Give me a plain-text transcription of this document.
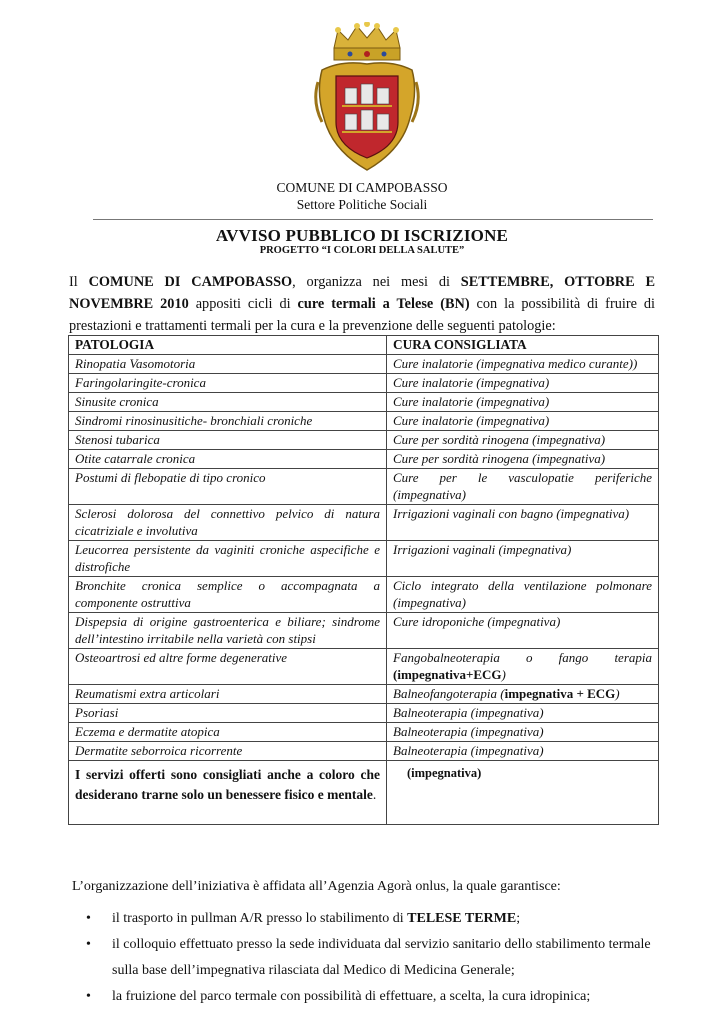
COMUNE DI CAMPOBASSO
Settore Politiche Sociali
AVVISO PUBBLICO DI ISCRIZIONE
PROGETTO “I COLORI DELLA SALUTE”
Il COMUNE DI CAMPOBASSO, organizza nei mesi di SETTEMBRE, OTTOBRE E NOVEMBRE 2010 appositi cicli di cure termali a Telese (BN) con la possibilità di fruire di prestazioni e trattamenti termali per la cura e la prevenzione delle seguenti patologie:
PATOLOGIA	CURA CONSIGLIATA
Rinopatia Vasomotoria	Cure inalatorie (impegnativa medico curante))
Faringolaringite-cronica	Cure inalatorie (impegnativa)
Sinusite cronica	Cure inalatorie (impegnativa)
Sindromi rinosinusitiche- bronchiali croniche	Cure inalatorie (impegnativa)
Stenosi tubarica	Cure per sordità rinogena (impegnativa)
Otite catarrale cronica	Cure per sordità rinogena (impegnativa)
Postumi di flebopatie di tipo cronico	Cure per le vasculopatie periferiche (impegnativa)
Sclerosi dolorosa del connettivo pelvico di natura cicatriziale e involutiva	Irrigazioni vaginali con bagno (impegnativa)
Leucorrea persistente da vaginiti croniche aspecifiche e distrofiche	Irrigazioni vaginali (impegnativa)
Bronchite cronica semplice o accompagnata a componente ostruttiva	Ciclo integrato della ventilazione polmonare (impegnativa)
Dispepsia di origine gastroenterica e biliare; sindrome dell’intestino irritabile nella varietà con stipsi	Cure idroponiche (impegnativa)
Osteoartrosi ed altre forme degenerative	Fangobalneoterapia o fango terapia (impegnativa+ECG)
Reumatismi extra articolari	Balneofangoterapia (impegnativa + ECG)
Psoriasi	Balneoterapia (impegnativa)
Eczema e dermatite atopica	Balneoterapia (impegnativa)
Dermatite seborroica ricorrente	Balneoterapia (impegnativa)
I servizi offerti sono consigliati anche a coloro che desiderano trarne solo un benessere fisico e mentale.	(impegnativa)
L’organizzazione dell’iniziativa è affidata all’Agenzia Agorà onlus, la quale garantisce:
• il trasporto in pullman A/R presso lo stabilimento di TELESE TERME;
• il colloquio effettuato presso la sede individuata dal servizio sanitario dello stabilimento termale sulla base dell’impegnativa rilasciata dal Medico di Medicina Generale;
• la fruizione del parco termale con possibilità di effettuare, a scelta, la cura idropinica;
